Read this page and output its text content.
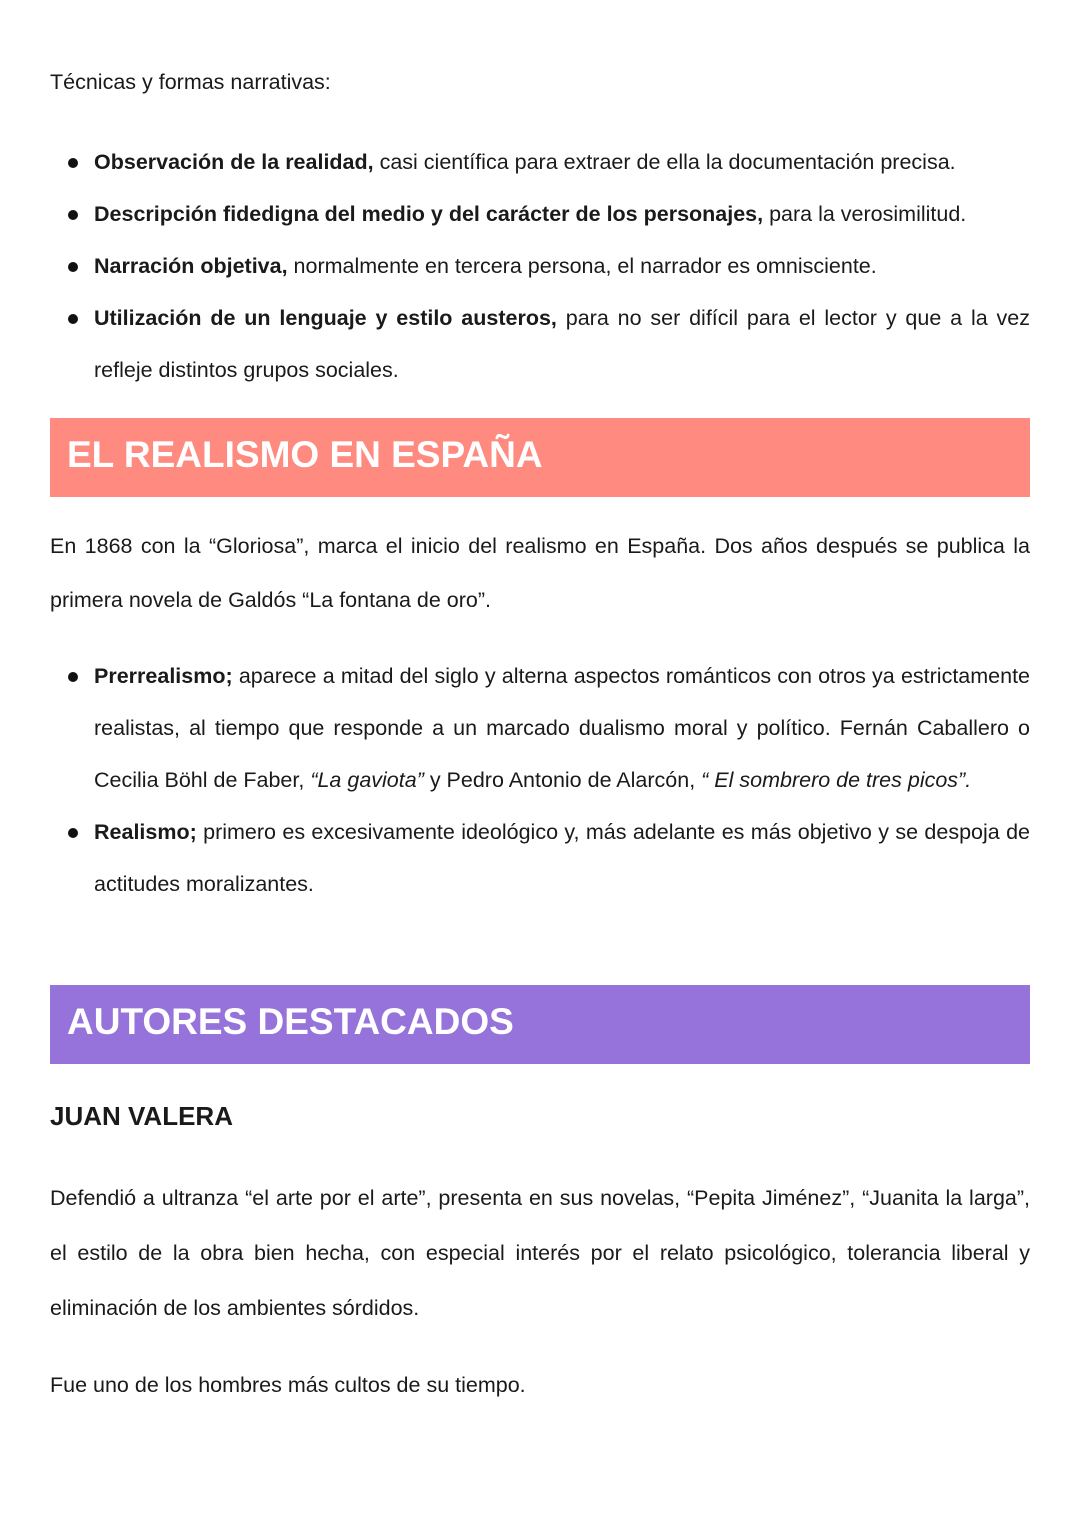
Técnicas y formas narrativas:
Observación de la realidad, casi científica para extraer de ella la documentación precisa.
Descripción fidedigna del medio y del carácter de los personajes, para la verosimilitud.
Narración objetiva, normalmente en tercera persona, el narrador es omnisciente.
Utilización de un lenguaje y estilo austeros, para no ser difícil para el lector y que a la vez refleje distintos grupos sociales.
EL REALISMO EN ESPAÑA
En 1868 con la “Gloriosa”, marca el inicio del realismo en España. Dos años después se publica la primera novela de Galdós “La fontana de oro”.
Prerrealismo; aparece a mitad del siglo y alterna aspectos románticos con otros ya estrictamente realistas, al tiempo que responde a un marcado dualismo moral y político. Fernán Caballero o Cecilia Böhl de Faber, “La gaviota” y Pedro Antonio de Alarcón, “ El sombrero de tres picos”.
Realismo; primero es excesivamente ideológico y, más adelante es más objetivo y se despoja de actitudes moralizantes.
AUTORES DESTACADOS
JUAN VALERA
Defendió a ultranza “el arte por el arte”, presenta en sus novelas, “Pepita Jiménez”, “Juanita la larga”, el estilo de la obra bien hecha, con especial interés por el relato psicológico, tolerancia liberal y eliminación de los ambientes sórdidos.
Fue uno de los hombres más cultos de su tiempo.
